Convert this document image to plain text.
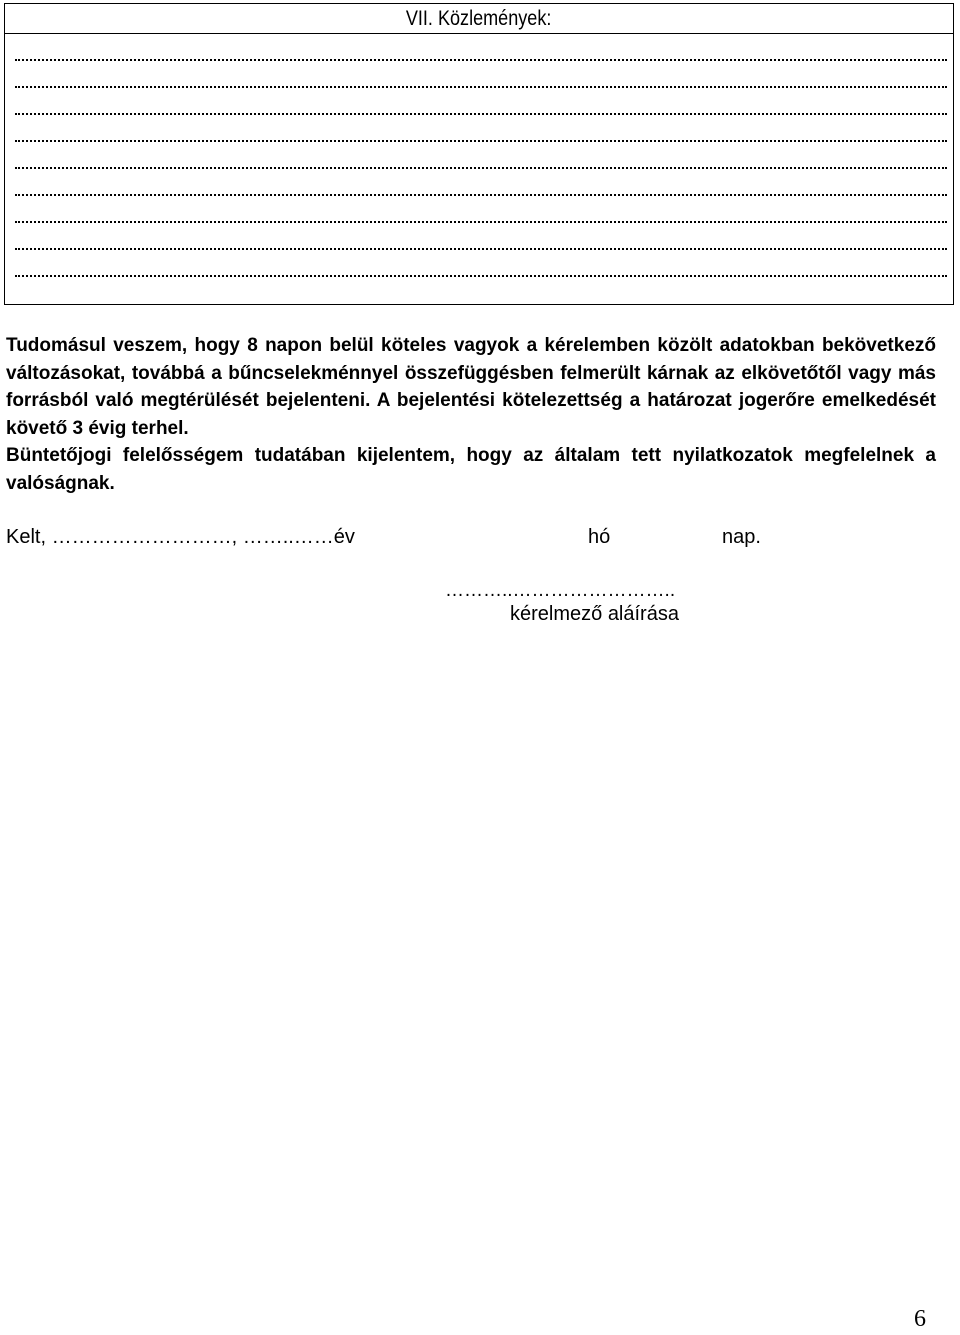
VII. Közlemények:

Tudomásul veszem, hogy 8 napon belül köteles vagyok a kérelemben közölt adatokban bekövetkező változásokat, továbbá a bűncselekménnyel összefüggésben felmerült kárnak az elkövetőtől vagy más forrásból való megtérülését bejelenteni. A bejelentési kötelezettség a határozat jogerőre emelkedését követő 3 évig terhel.

Büntetőjogi felelősségem tudatában kijelentem, hogy az általam tett nyilatkozatok megfelelnek a valóságnak.

Kelt, ………………………, ……..……év	hó	nap.
………..……………………..
kérelmező aláírása
6
